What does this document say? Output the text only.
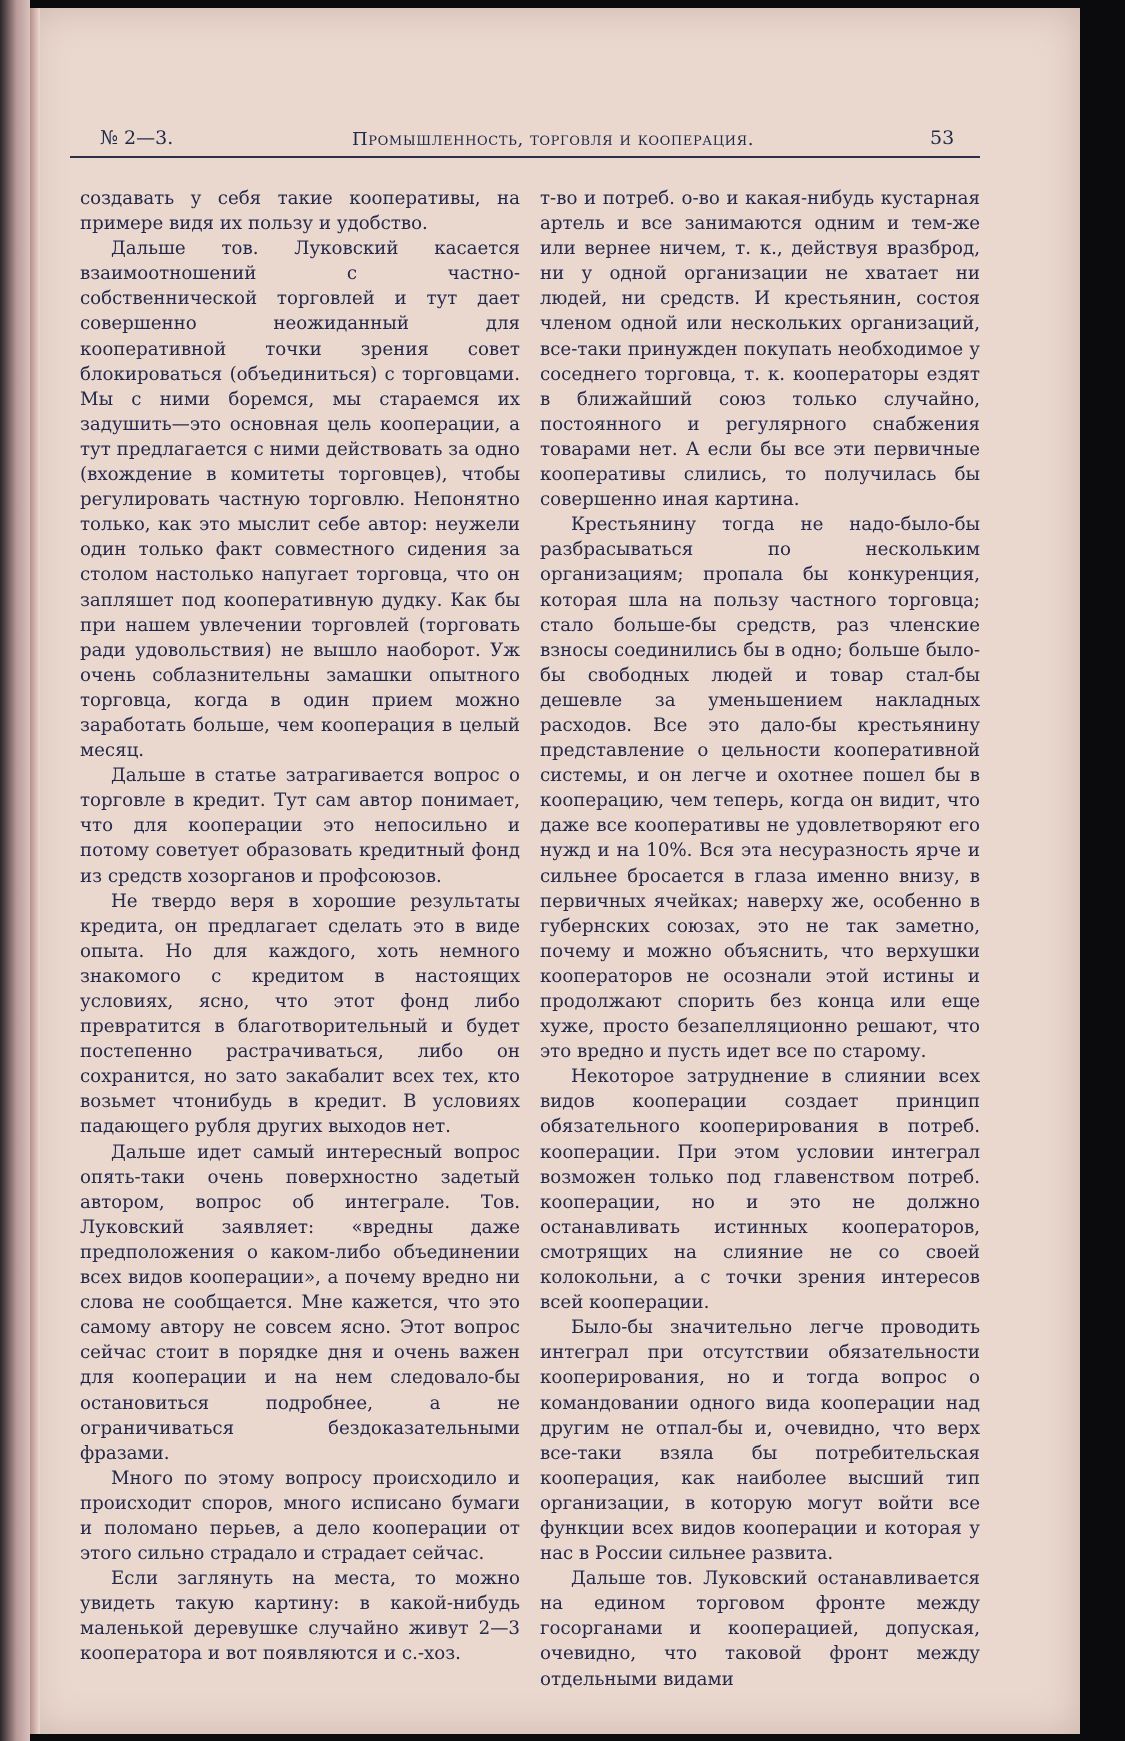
№ 2—3.	Промышленность, торговля и кооперация.	53

создавать у себя такие кооперативы, на примере видя их пользу и удобство.

Дальше тов. Луковский касается взаимоотношений с частно-собственнической торговлей и тут дает совершенно неожиданный для кооперативной точки зрения совет блокироваться (объединиться) с торговцами. Мы с ними боремся, мы стараемся их задушить—это основная цель кооперации, а тут предлагается с ними действовать за одно (вхождение в комитеты торговцев), чтобы регулировать частную торговлю. Непонятно только, как это мыслит себе автор: неужели один только факт совместного сидения за столом настолько напугает торговца, что он запляшет под кооперативную дудку. Как бы при нашем увлечении торговлей (торговать ради удовольствия) не вышло наоборот. Уж очень соблазнительны замашки опытного торговца, когда в один прием можно заработать больше, чем кооперация в целый месяц.

Дальше в статье затрагивается вопрос о торговле в кредит. Тут сам автор понимает, что для кооперации это непосильно и потому советует образовать кредитный фонд из средств хозорганов и профсоюзов.

Не твердо веря в хорошие результаты кредита, он предлагает сделать это в виде опыта. Но для каждого, хоть немного знакомого с кредитом в настоящих условиях, ясно, что этот фонд либо превратится в благотворительный и будет постепенно растрачиваться, либо он сохранится, но зато закабалит всех тех, кто возьмет чтонибудь в кредит. В условиях падающего рубля других выходов нет.

Дальше идет самый интересный вопрос опять-таки очень поверхностно задетый автором, вопрос об интеграле. Тов. Луковский заявляет: «вредны даже предположения о каком-либо объединении всех видов кооперации», а почему вредно ни слова не сообщается. Мне кажется, что это самому автору не совсем ясно. Этот вопрос сейчас стоит в порядке дня и очень важен для кооперации и на нем следовало-бы остановиться подробнее, а не ограничиваться бездоказательными фразами.

Много по этому вопросу происходило и происходит споров, много исписано бумаги и поломано перьев, а дело кооперации от этого сильно страдало и страдает сейчас.

Если заглянуть на места, то можно увидеть такую картину: в какой-нибудь маленькой деревушке случайно живут 2—3 кооператора и вот появляются и с.-хоз.

т-во и потреб. о-во и какая-нибудь кустарная артель и все занимаются одним и тем-же или вернее ничем, т. к., действуя вразброд, ни у одной организации не хватает ни людей, ни средств. И крестьянин, состоя членом одной или нескольких организаций, все-таки принужден покупать необходимое у соседнего торговца, т. к. кооператоры ездят в ближайший союз только случайно, постоянного и регулярного снабжения товарами нет. А если бы все эти первичные кооперативы слились, то получилась бы совершенно иная картина.

Крестьянину тогда не надо-было-бы разбрасываться по нескольким организациям; пропала бы конкуренция, которая шла на пользу частного торговца; стало больше-бы средств, раз членские взносы соединились бы в одно; больше было-бы свободных людей и товар стал-бы дешевле за уменьшением накладных расходов. Все это дало-бы крестьянину представление о цельности кооперативной системы, и он легче и охотнее пошел бы в кооперацию, чем теперь, когда он видит, что даже все кооперативы не удовлетворяют его нужд и на 10%. Вся эта несуразность ярче и сильнее бросается в глаза именно внизу, в первичных ячейках; наверху же, особенно в губернских союзах, это не так заметно, почему и можно объяснить, что верхушки кооператоров не осознали этой истины и продолжают спорить без конца или еще хуже, просто безапелляционно решают, что это вредно и пусть идет все по старому.

Некоторое затруднение в слиянии всех видов кооперации создает принцип обязательного кооперирования в потреб. кооперации. При этом условии интеграл возможен только под главенством потреб. кооперации, но и это не должно останавливать истинных кооператоров, смотрящих на слияние не со своей колокольни, а с точки зрения интересов всей кооперации.

Было-бы значительно легче проводить интеграл при отсутствии обязательности кооперирования, но и тогда вопрос о командовании одного вида кооперации над другим не отпал-бы и, очевидно, что верх все-таки взяла бы потребительская кооперация, как наиболее высший тип организации, в которую могут войти все функции всех видов кооперации и которая у нас в России сильнее развита.

Дальше тов. Луковский останавливается на едином торговом фронте между госорганами и кооперацией, допуская, очевидно, что таковой фронт между отдельными видами
